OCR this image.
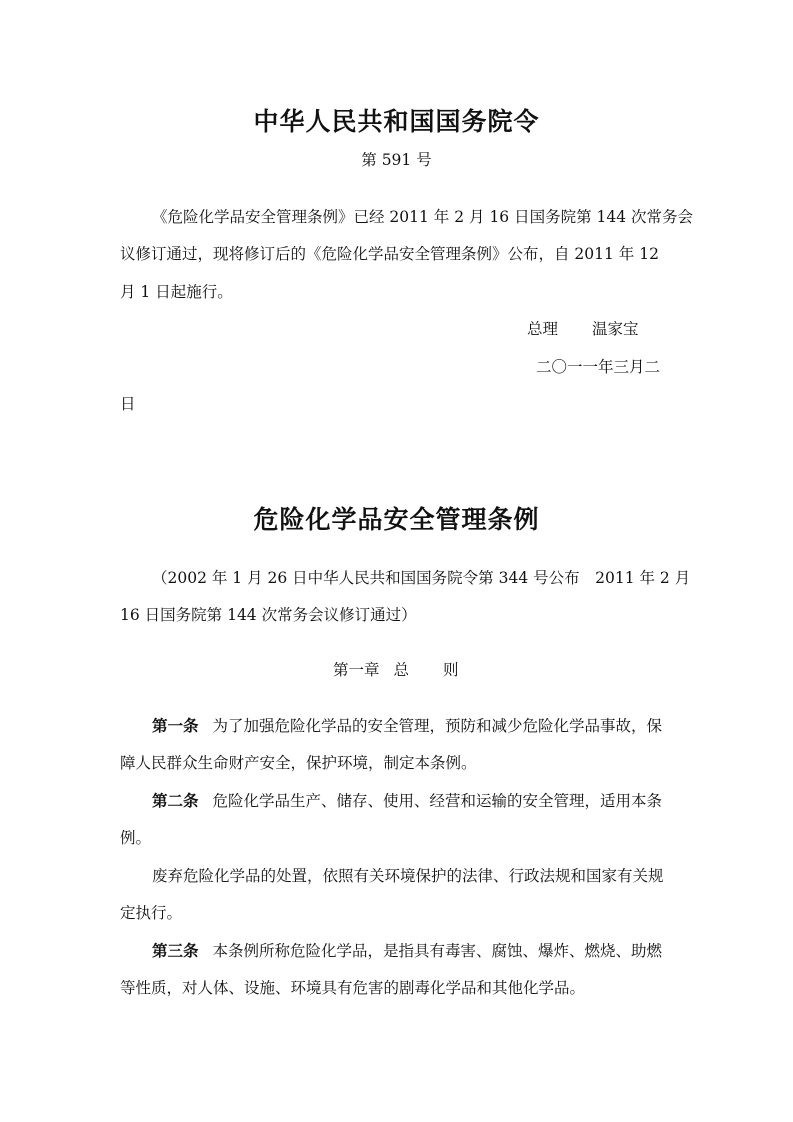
中华人民共和国国务院令
第 591 号
《危险化学品安全管理条例》已经 2011 年 2 月 16 日国务院第 144 次常务会
议修订通过，现将修订后的《危险化学品安全管理条例》公布，自 2011 年 12
月 1 日起施行。
总理 温家宝
二〇一一年三月二
日
危险化学品安全管理条例
（2002 年 1 月 26 日中华人民共和国国务院令第 344 号公布　2011 年 2 月
16 日国务院第 144 次常务会议修订通过）
第一章 总 则
第一条 为了加强危险化学品的安全管理，预防和减少危险化学品事故，保
障人民群众生命财产安全，保护环境，制定本条例。
第二条 危险化学品生产、储存、使用、经营和运输的安全管理，适用本条
例。
废弃危险化学品的处置，依照有关环境保护的法律、行政法规和国家有关规
定执行。
第三条 本条例所称危险化学品，是指具有毒害、腐蚀、爆炸、燃烧、助燃
等性质，对人体、设施、环境具有危害的剧毒化学品和其他化学品。
